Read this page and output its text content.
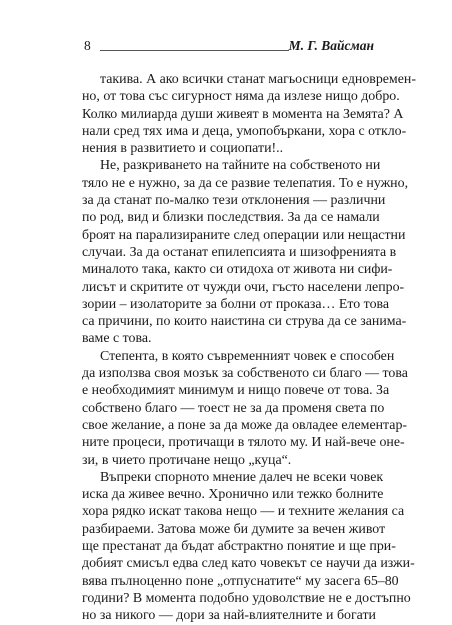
8	М. Г. Вайсман
такива. А ако всички станат магьосници едновремен-
но, от това със сигурност няма да излезе нищо добро.
Колко милиарда души живеят в момента на Земята? А
нали сред тях има и деца, умопобъркани, хора с откло-
нения в развитието и социопати!..
Не, разкриването на тайните на собственото ни
тяло не е нужно, за да се развие телепатия. То е нужно,
за да станат по-малко тези отклонения — различни
по род, вид и близки последствия. За да се намали
броят на парализираните след операции или нещастни
случаи. За да останат епилепсията и шизофренията в
миналото така, както си отидоха от живота ни сифи-
лисът и скритите от чужди очи, гъсто населени лепро-
зории – изолаторите за болни от проказа… Ето това
са причини, по които наистина си струва да се занима-
ваме с това.
Степента, в която съвременният човек е способен
да използва своя мозък за собственото си благо — това
е необходимият минимум и нищо повече от това. За
собствено благо — тоест не за да променя света по
свое желание, а поне за да може да овладее елементар-
ните процеси, протичащи в тялото му. И най-вече оне-
зи, в чието протичане нещо „куца“.
Въпреки спорното мнение далеч не всеки човек
иска да живее вечно. Хронично или тежко болните
хора рядко искат такова нещо — и техните желания са
разбираеми. Затова може би думите за вечен живот
ще престанат да бъдат абстрактно понятие и ще при-
добият смисъл едва след като човекът се научи да изжи-
вява пълноценно поне „отпуснатите“ му засега 65–80
години? В момента подобно удоволствие не е достъпно
но за никого — дори за най-влиятелните и богати
